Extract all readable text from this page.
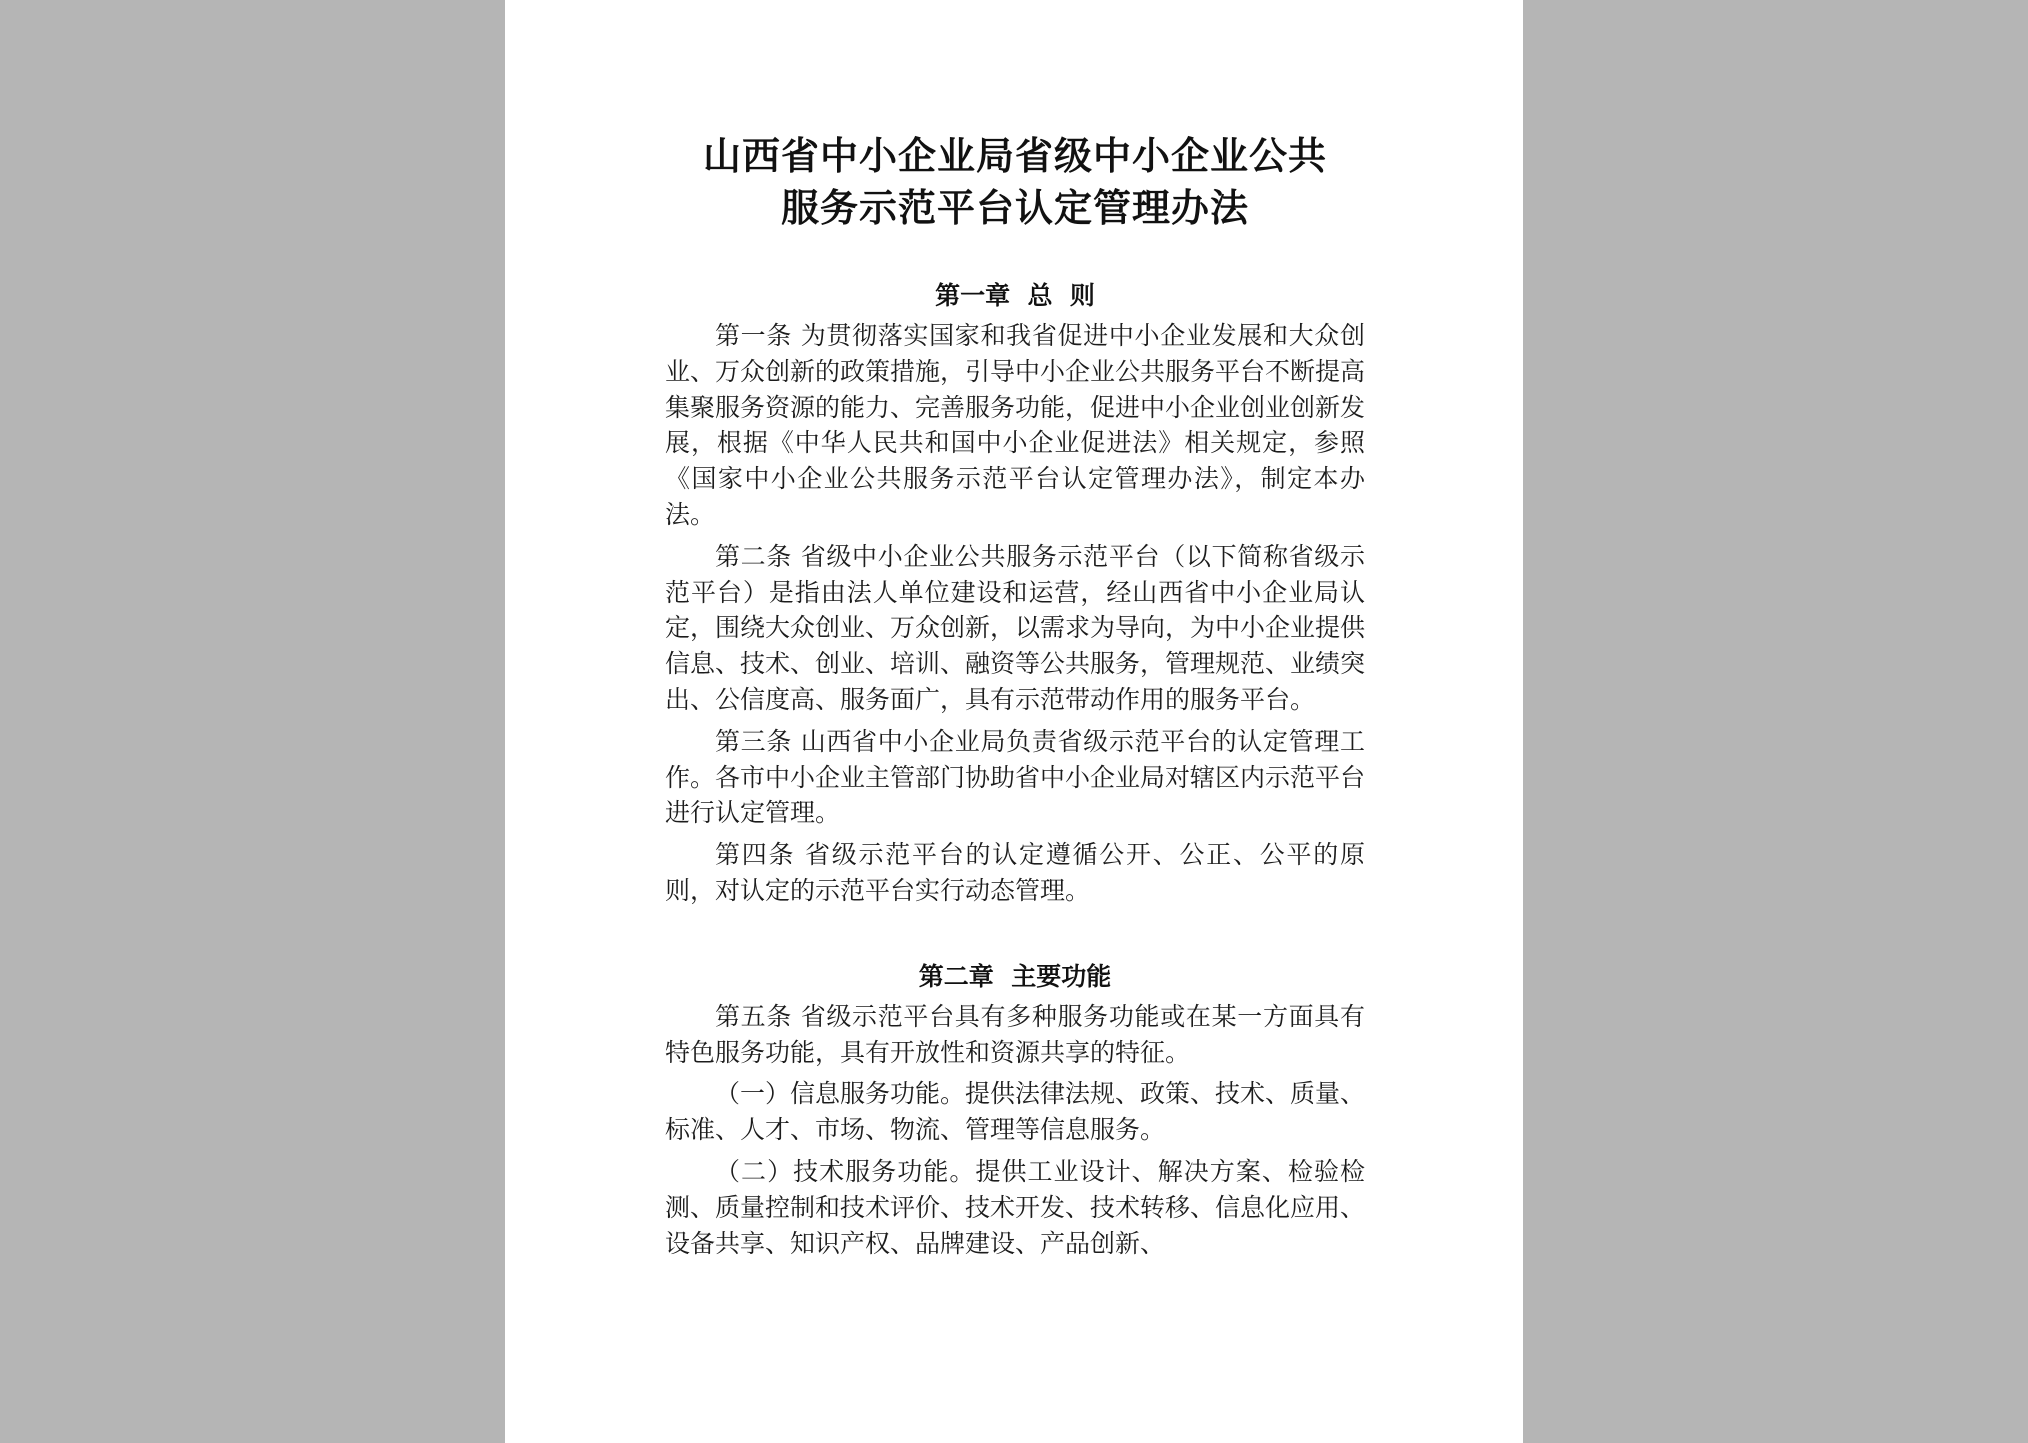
山西省中小企业局省级中小企业公共
服务示范平台认定管理办法
第一章  总  则

第一条 为贯彻落实国家和我省促进中小企业发展和大众创业、万众创新的政策措施，引导中小企业公共服务平台不断提高集聚服务资源的能力、完善服务功能，促进中小企业创业创新发展，根据《中华人民共和国中小企业促进法》相关规定，参照《国家中小企业公共服务示范平台认定管理办法》，制定本办法。

第二条 省级中小企业公共服务示范平台（以下简称省级示范平台）是指由法人单位建设和运营，经山西省中小企业局认定，围绕大众创业、万众创新，以需求为导向，为中小企业提供信息、技术、创业、培训、融资等公共服务，管理规范、业绩突出、公信度高、服务面广，具有示范带动作用的服务平台。

第三条 山西省中小企业局负责省级示范平台的认定管理工作。各市中小企业主管部门协助省中小企业局对辖区内示范平台进行认定管理。

第四条 省级示范平台的认定遵循公开、公正、公平的原则，对认定的示范平台实行动态管理。

第二章  主要功能

第五条 省级示范平台具有多种服务功能或在某一方面具有特色服务功能，具有开放性和资源共享的特征。

（一）信息服务功能。提供法律法规、政策、技术、质量、标准、人才、市场、物流、管理等信息服务。

（二）技术服务功能。提供工业设计、解决方案、检验检测、质量控制和技术评价、技术开发、技术转移、信息化应用、设备共享、知识产权、品牌建设、产品创新、
